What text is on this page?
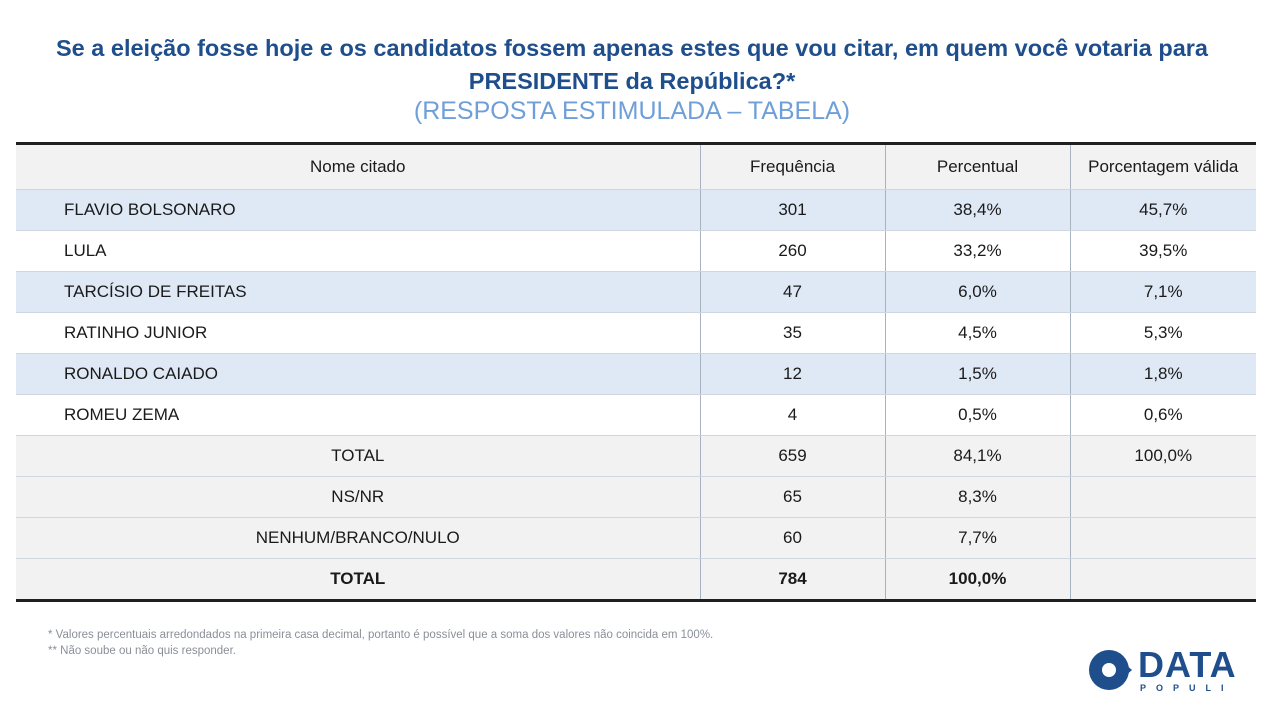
Se a eleição fosse hoje e os candidatos fossem apenas estes que vou citar, em quem você votaria para PRESIDENTE da República?*
(RESPOSTA ESTIMULADA – TABELA)
Nome citado	Frequência	Percentual	Porcentagem válida
FLAVIO BOLSONARO	301	38,4%	45,7%
LULA	260	33,2%	39,5%
TARCÍSIO DE FREITAS	47	6,0%	7,1%
RATINHO JUNIOR	35	4,5%	5,3%
RONALDO CAIADO	12	1,5%	1,8%
ROMEU ZEMA	4	0,5%	0,6%
TOTAL	659	84,1%	100,0%
NS/NR	65	8,3%	
NENHUM/BRANCO/NULO	60	7,7%	
TOTAL	784	100,0%	
* Valores percentuais arredondados na primeira casa decimal, portanto é possível que a soma dos valores não coincida em 100%.
** Não soube ou não quis responder.	DATA
POPULI
